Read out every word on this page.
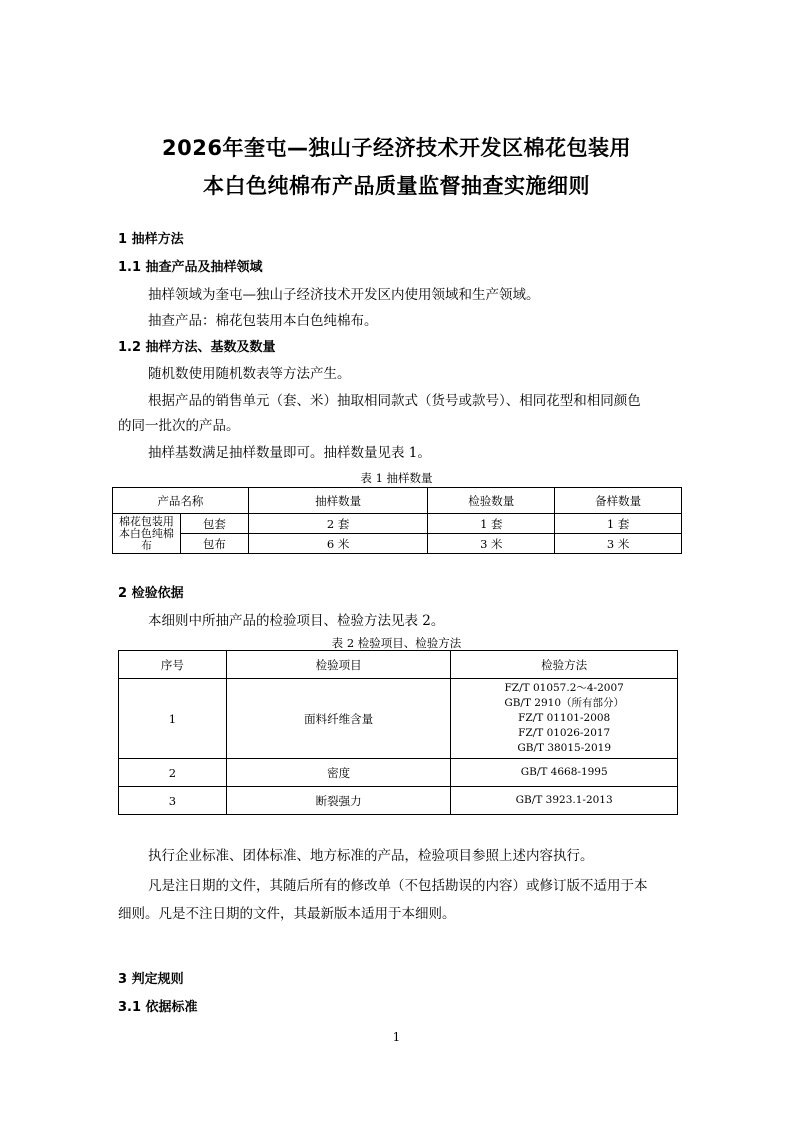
2026年奎屯—独山子经济技术开发区棉花包装用
本白色纯棉布产品质量监督抽查实施细则
1 抽样方法
1.1 抽查产品及抽样领域
抽样领域为奎屯—独山子经济技术开发区内使用领域和生产领域。
抽查产品：棉花包装用本白色纯棉布。
1.2 抽样方法、基数及数量
随机数使用随机数表等方法产生。
根据产品的销售单元（套、米）抽取相同款式（货号或款号）、相同花型和相同颜色
的同一批次的产品。
抽样基数满足抽样数量即可。抽样数量见表 1。
表 1 抽样数量
产品名称		抽样数量	检验数量	备样数量
棉花包装用本白色纯棉布	包套	2 套	1 套	1 套
	包布	6 米	3 米	3 米
2 检验依据
本细则中所抽产品的检验项目、检验方法见表 2。
表 2 检验项目、检验方法
序号	检验项目	检验方法
1	面料纤维含量	FZ/T 01057.2～4-2007
GB/T 2910（所有部分）
FZ/T 01101-2008
FZ/T 01026-2017
GB/T 38015-2019

2	密度	GB/T 4668-1995

3	断裂强力	GB/T 3923.1-2013
执行企业标准、团体标准、地方标准的产品，检验项目参照上述内容执行。
凡是注日期的文件，其随后所有的修改单（不包括勘误的内容）或修订版不适用于本
细则。凡是不注日期的文件，其最新版本适用于本细则。
3 判定规则
3.1 依据标准
1
